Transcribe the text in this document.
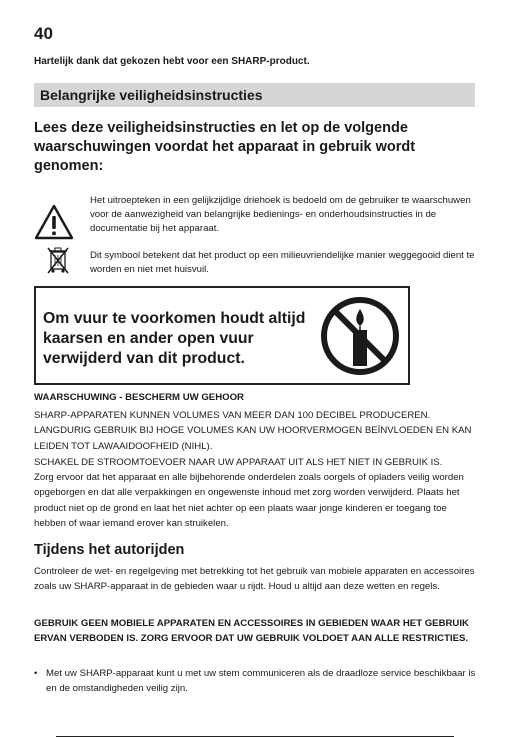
40
Hartelijk dank dat gekozen hebt voor een SHARP-product.
Belangrijke veiligheidsinstructies
Lees deze veiligheidsinstructies en let op de volgende waarschuwingen voordat het apparaat in gebruik wordt genomen:
Het uitroepteken in een gelijkzijdige driehoek is bedoeld om de gebruiker te waarschuwen voor de aanwezigheid van belangrijke bedienings- en onderhoudsinstructies in de documentatie bij het apparaat.
Dit symbool betekent dat het product op een milieuvriendelijke manier weggegooid dient te worden en niet met huisvuil.
Om vuur te voorkomen houdt altijd kaarsen en ander open vuur verwijderd van dit product.
WAARSCHUWING - BESCHERM UW GEHOOR
SHARP-APPARATEN KUNNEN VOLUMES VAN MEER DAN 100 DECIBEL PRODUCEREN. LANGDURIG GEBRUIK BIJ HOGE VOLUMES KAN UW HOORVERMOGEN BEÏNVLOEDEN EN KAN LEIDEN TOT LAWAAIDOOFHEID (NIHL).
SCHAKEL DE STROOMTOEVOER NAAR UW APPARAAT UIT ALS HET NIET IN GEBRUIK IS.
Zorg ervoor dat het apparaat en alle bijbehorende onderdelen zoals oorgels of opladers veilig worden opgeborgen en dat alle verpakkingen en ongewenste inhoud met zorg worden verwijderd. Plaats het product niet op de grond en laat het niet achter op een plaats waar jonge kinderen er toegang toe hebben of waar iemand erover kan struikelen.
Tijdens het autorijden
Controleer de wet- en regelgeving met betrekking tot het gebruik van mobiele apparaten en accessoires zoals uw SHARP-apparaat in de gebieden waar u rijdt. Houd u altijd aan deze wetten en regels.
GEBRUIK GEEN MOBIELE APPARATEN EN ACCESSOIRES IN GEBIEDEN WAAR HET GEBRUIK ERVAN VERBODEN IS. ZORG ERVOOR DAT UW GEBRUIK VOLDOET AAN ALLE RESTRICTIES.
• Met uw SHARP-apparaat kunt u met uw stem communiceren als de draadloze service beschikbaar is en de omstandigheden veilig zijn.
